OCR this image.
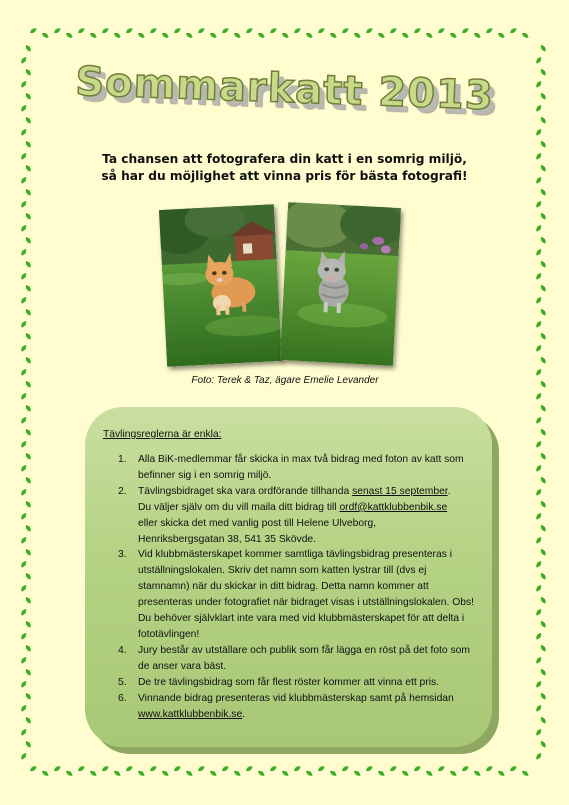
Sommarkatt 2013
Ta chansen att fotografera din katt i en somrig miljö,
så har du möjlighet att vinna pris för bästa fotografi!
Foto: Terek & Taz, ägare Emelie Levander
Tävlingsreglerna är enkla:
1. Alla BiK-medlemmar får skicka in max två bidrag med foton av katt som befinner sig i en somrig miljö.
2. Tävlingsbidraget ska vara ordförande tillhanda senast 15 september.
Du väljer själv om du vill maila ditt bidrag till ordf@kattklubbenbik.se
eller skicka det med vanlig post till Helene Ulveborg,
Henriksbergsgatan 38, 541 35 Skövde.
3. Vid klubbmästerskapet kommer samtliga tävlingsbidrag presenteras i utställningslokalen. Skriv det namn som katten lystrar till (dvs ej stamnamn) när du skickar in ditt bidrag. Detta namn kommer att presenteras under fotografiet när bidraget visas i utställningslokalen. Obs! Du behöver självklart inte vara med vid klubbmästerskapet för att delta i fototävlingen!
4. Jury består av utställare och publik som får lägga en röst på det foto som de anser vara bäst.
5. De tre tävlingsbidrag som får flest röster kommer att vinna ett pris.
6. Vinnande bidrag presenteras vid klubbmästerskap samt på hemsidan www.kattklubbenbik.se.
